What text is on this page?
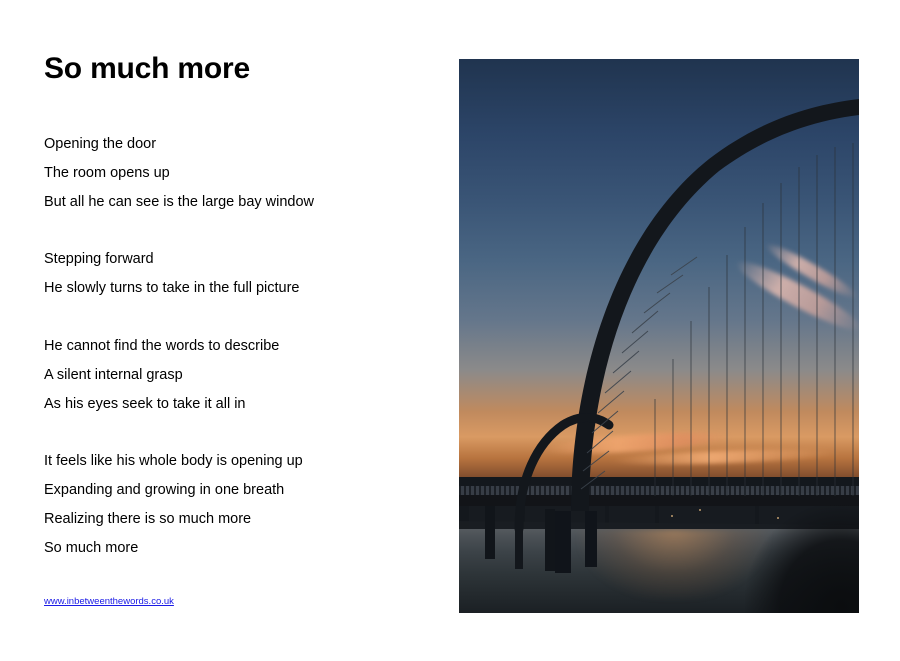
So much more
Opening the door
The room opens up
But all he can see is the large bay window
Stepping forward
He slowly turns to take in the full picture
He cannot find the words to describe
A silent internal grasp
As his eyes seek to take it all in
It feels like his whole body is opening up
Expanding and growing in one breath
Realizing there is so much more
So much more
www.inbetweenthewords.co.uk
